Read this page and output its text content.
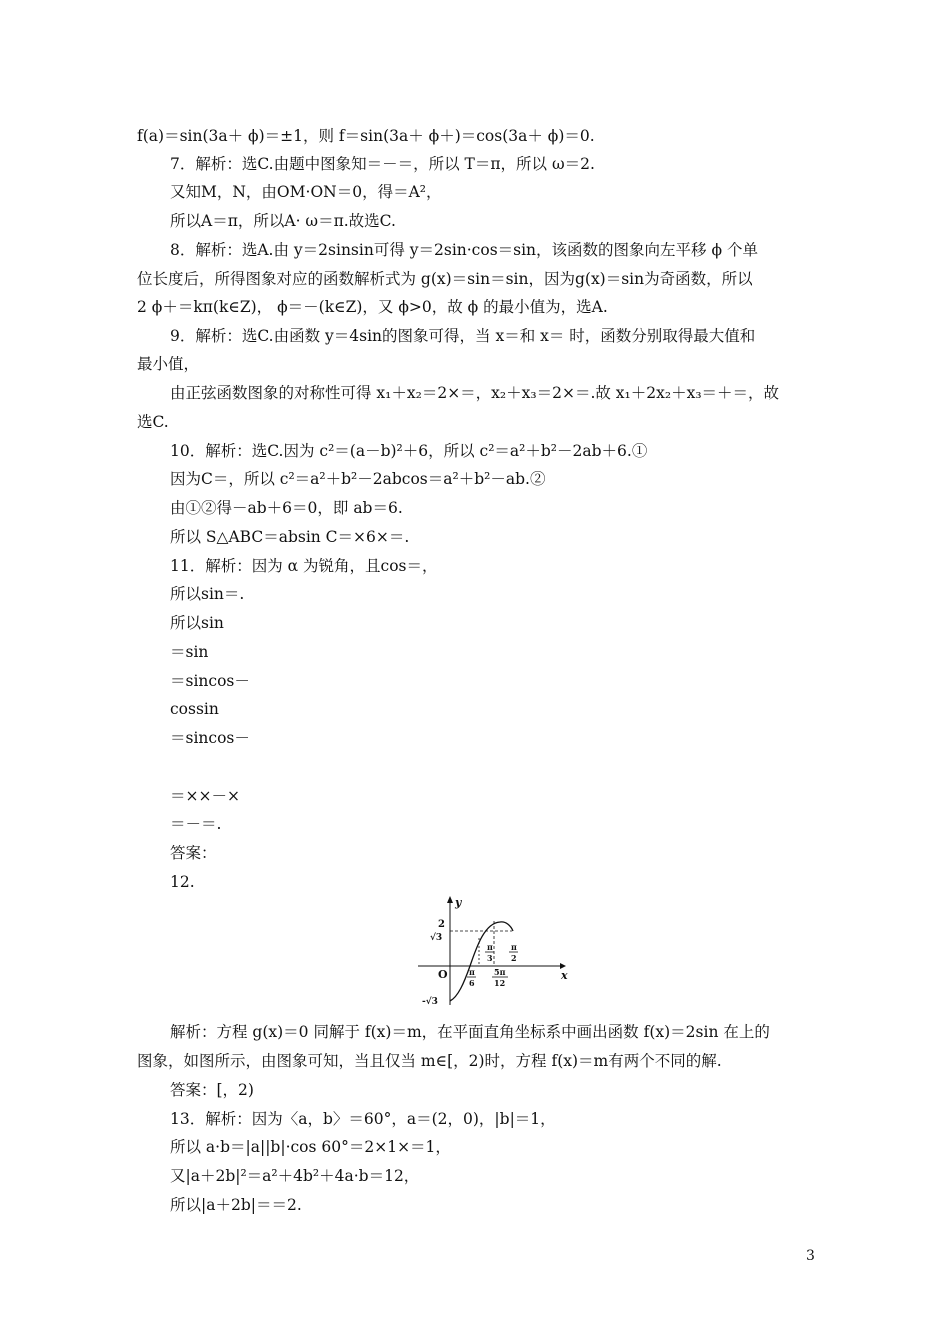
f(a)＝sin(3a＋ ϕ)＝±1，则 f＝sin(3a＋ ϕ＋)＝cos(3a＋ ϕ)＝0.
7．解析：选C.由题中图象知＝－＝，所以 T＝π，所以 ω＝2.
又知M，N，由OM·ON＝0，得＝A²，
所以A＝π，所以A· ω＝π.故选C.
8．解析：选A.由 y＝2sinsin可得 y＝2sin·cos＝sin，该函数的图象向左平移 ϕ 个单
位长度后，所得图象对应的函数解析式为 g(x)＝sin＝sin，因为g(x)＝sin为奇函数，所以
2 ϕ＋＝kπ(k∈Z)， ϕ＝－(k∈Z)，又 ϕ>0，故 ϕ 的最小值为，选A.
9．解析：选C.由函数 y＝4sin的图象可得，当 x＝和 x＝ 时，函数分别取得最大值和
最小值，
由正弦函数图象的对称性可得 x₁＋x₂＝2×＝，x₂＋x₃＝2×＝.故 x₁＋2x₂＋x₃＝＋＝，故
选C.
10．解析：选C.因为 c²＝(a－b)²＋6，所以 c²＝a²＋b²－2ab＋6.①
因为C＝，所以 c²＝a²＋b²－2abcos＝a²＋b²－ab.②
由①②得－ab＋6＝0，即 ab＝6.
所以 S△ABC＝absin C＝×6×＝.
11．解析：因为 α 为锐角，且cos＝，
所以sin＝.
所以sin
＝sin
＝sincos－
cossin
＝sincos－
＝××－×
＝－＝.
答案：
12.
y
x
O
2
√3
-√3
π
6
π
3
5π
12
π
2
解析：方程 g(x)＝0 同解于 f(x)＝m，在平面直角坐标系中画出函数 f(x)＝2sin 在上的
图象，如图所示，由图象可知，当且仅当 m∈[，2)时，方程 f(x)＝m有两个不同的解.
答案：[，2)
13．解析：因为〈a，b〉＝60°，a＝(2，0)，|b|＝1，
所以 a·b＝|a||b|·cos 60°＝2×1×＝1，
又|a＋2b|²＝a²＋4b²＋4a·b＝12，
所以|a＋2b|＝＝2.
3
